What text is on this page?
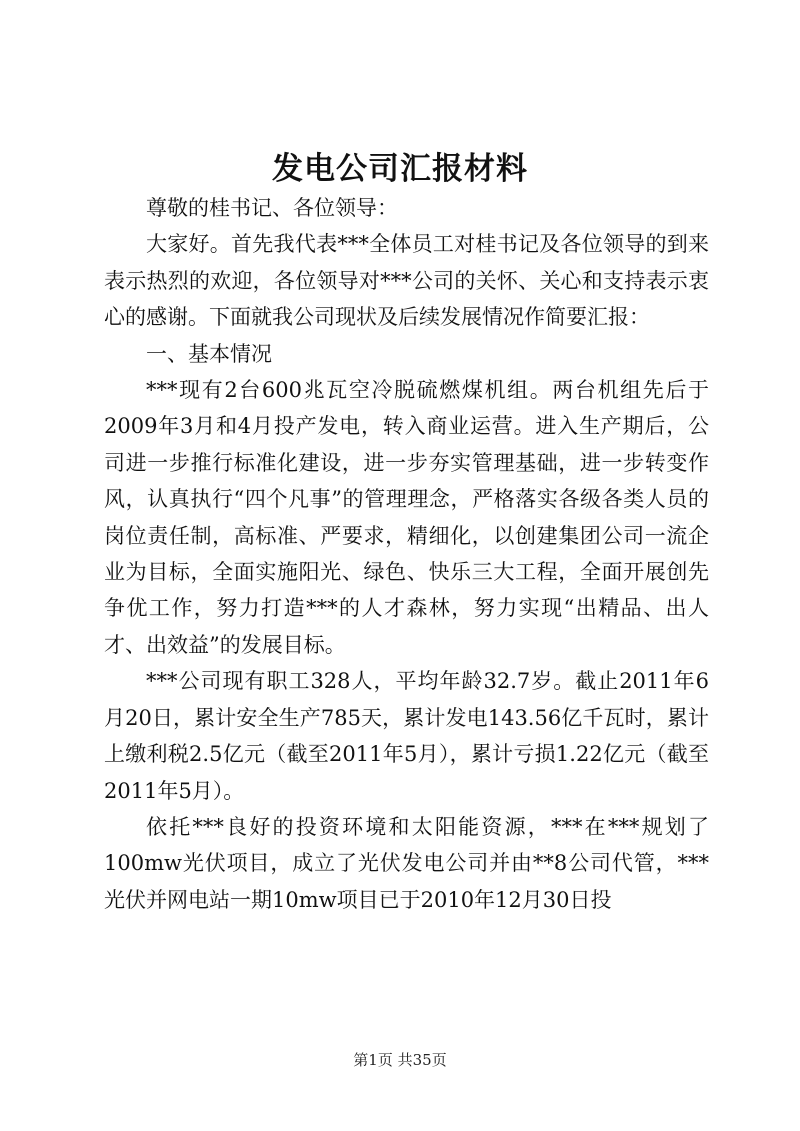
发电公司汇报材料

尊敬的桂书记、各位领导：

大家好。首先我代表***全体员工对桂书记及各位领导的到来表示热烈的欢迎，各位领导对***公司的关怀、关心和支持表示衷心的感谢。下面就我公司现状及后续发展情况作简要汇报：

一、基本情况

***现有2台600兆瓦空冷脱硫燃煤机组。两台机组先后于2009年3月和4月投产发电，转入商业运营。进入生产期后，公司进一步推行标准化建设，进一步夯实管理基础，进一步转变作风，认真执行“四个凡事”的管理理念，严格落实各级各类人员的岗位责任制，高标准、严要求，精细化，以创建集团公司一流企业为目标，全面实施阳光、绿色、快乐三大工程，全面开展创先争优工作，努力打造***的人才森林，努力实现“出精品、出人才、出效益”的发展目标。

***公司现有职工328人，平均年龄32.7岁。截止2011年6月20日，累计安全生产785天，累计发电143.56亿千瓦时，累计上缴利税2.5亿元（截至2011年5月），累计亏损1.22亿元（截至2011年5月）。

依托***良好的投资环境和太阳能资源，***在***规划了100mw光伏项目，成立了光伏发电公司并由**8公司代管，***光伏并网电站一期10mw项目已于2010年12月30日投

第1页 共35页
